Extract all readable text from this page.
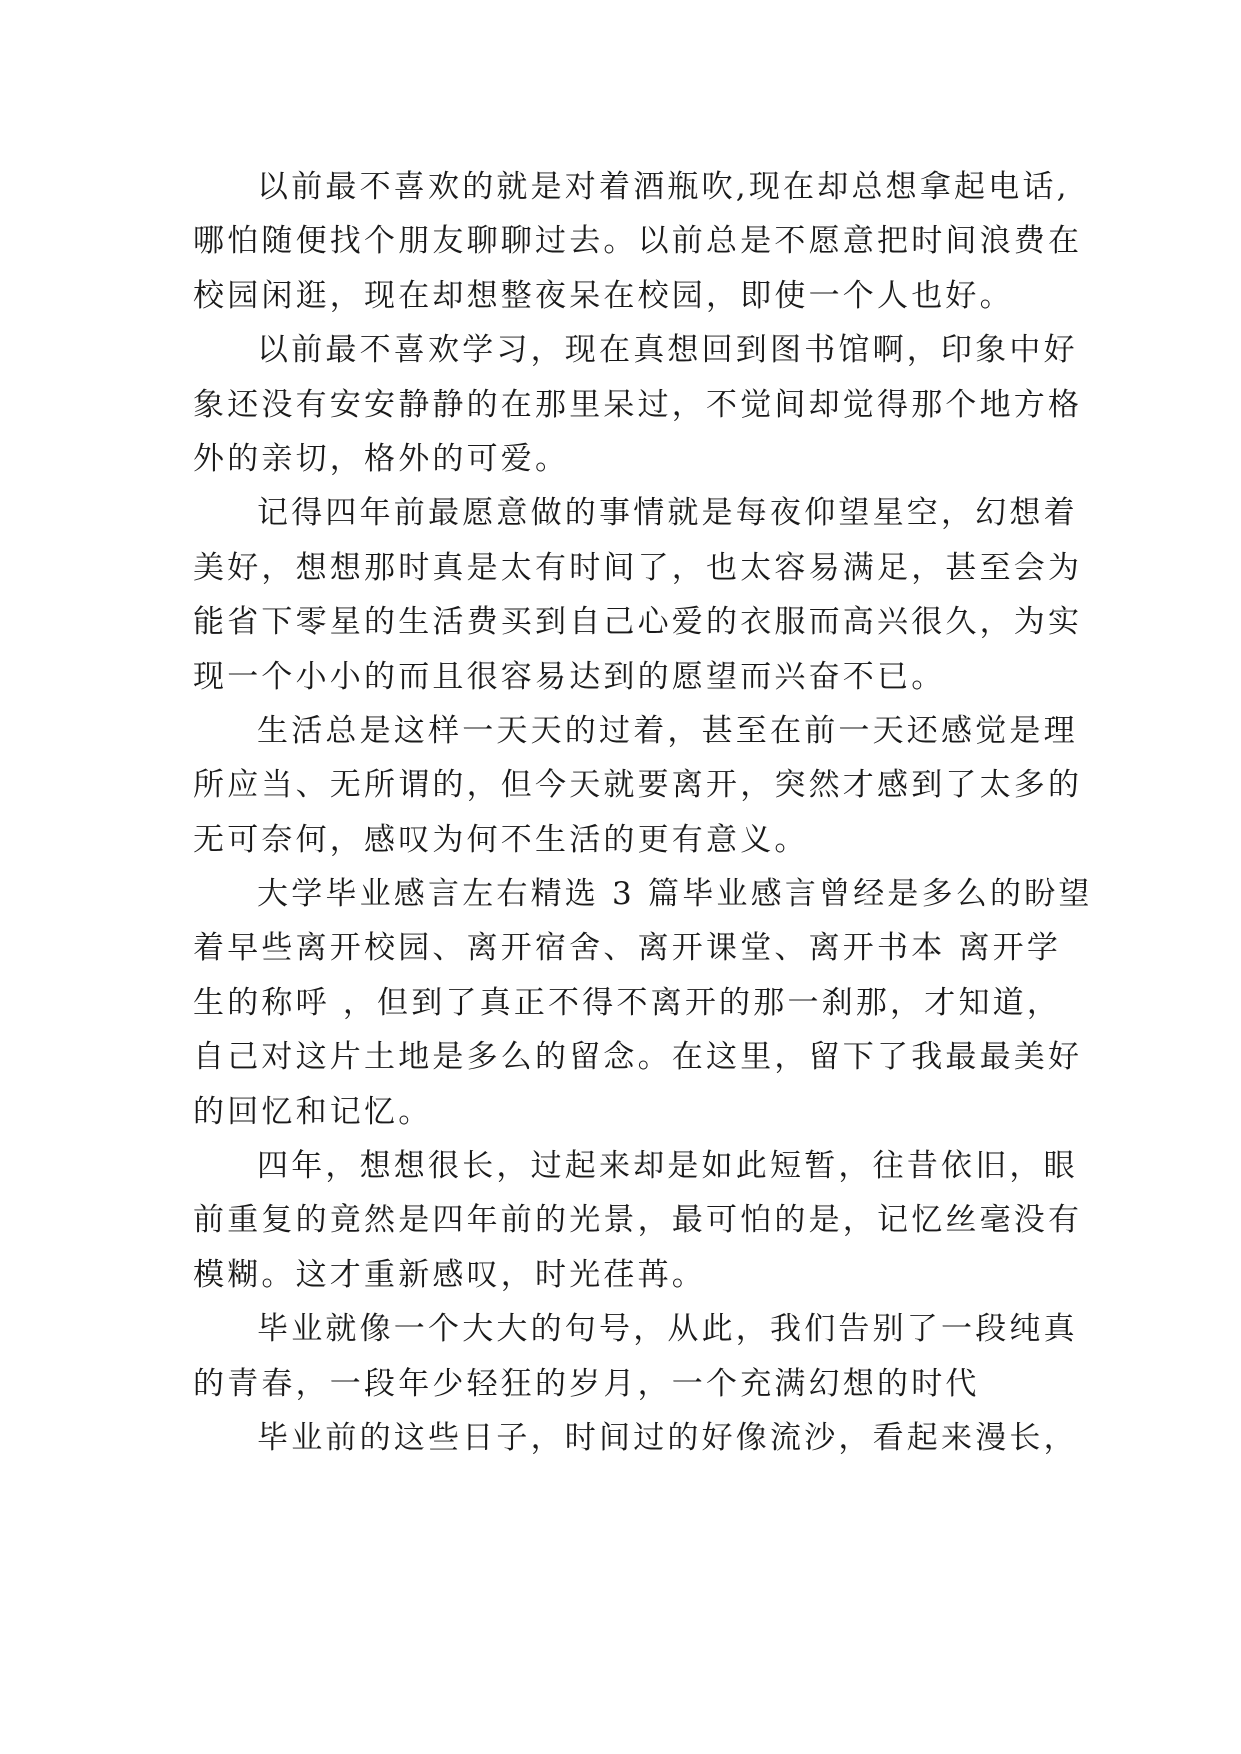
以前最不喜欢的就是对着酒瓶吹,现在却总想拿起电话,
哪怕随便找个朋友聊聊过去。以前总是不愿意把时间浪费在
校园闲逛，现在却想整夜呆在校园，即使一个人也好。
以前最不喜欢学习，现在真想回到图书馆啊，印象中好
象还没有安安静静的在那里呆过，不觉间却觉得那个地方格
外的亲切，格外的可爱。
记得四年前最愿意做的事情就是每夜仰望星空，幻想着
美好，想想那时真是太有时间了，也太容易满足，甚至会为
能省下零星的生活费买到自己心爱的衣服而高兴很久，为实
现一个小小的而且很容易达到的愿望而兴奋不已。
生活总是这样一天天的过着，甚至在前一天还感觉是理
所应当、无所谓的，但今天就要离开，突然才感到了太多的
无可奈何，感叹为何不生活的更有意义。
大学毕业感言左右精选 3 篇毕业感言曾经是多么的盼望
着早些离开校园、离开宿舍、离开课堂、离开书本 离开学
生的称呼 ，但到了真正不得不离开的那一刹那，才知道，
自己对这片土地是多么的留念。在这里，留下了我最最美好
的回忆和记忆。
四年，想想很长，过起来却是如此短暂，往昔依旧，眼
前重复的竟然是四年前的光景，最可怕的是，记忆丝毫没有
模糊。这才重新感叹，时光荏苒。
毕业就像一个大大的句号，从此，我们告别了一段纯真
的青春，一段年少轻狂的岁月，一个充满幻想的时代
毕业前的这些日子，时间过的好像流沙，看起来漫长，
